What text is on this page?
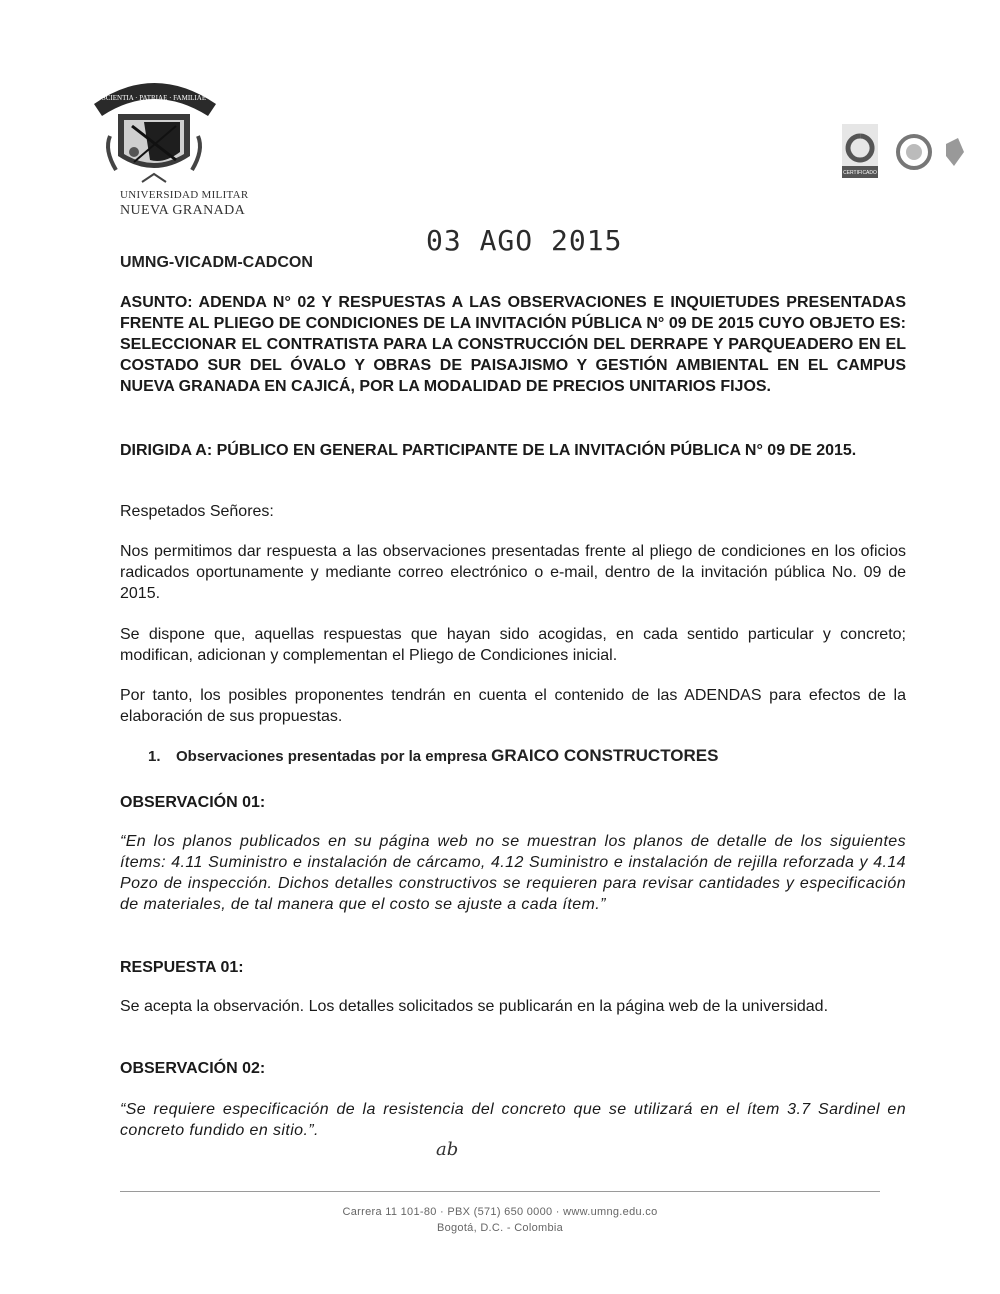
SCIENTIA · PATRIAE · FAMILIAE
UNIVERSIDAD MILITAR
NUEVA GRANADA
CERTIFICADO
03 AGO 2015
UMNG-VICADM-CADCON
ASUNTO: ADENDA N° 02 Y RESPUESTAS A LAS OBSERVACIONES E INQUIETUDES PRESENTADAS FRENTE AL PLIEGO DE CONDICIONES DE LA INVITACIÓN PÚBLICA N° 09 DE 2015 CUYO OBJETO ES: SELECCIONAR EL CONTRATISTA PARA LA CONSTRUCCIÓN DEL DERRAPE Y PARQUEADERO EN EL COSTADO SUR DEL ÓVALO Y OBRAS DE PAISAJISMO Y GESTIÓN AMBIENTAL EN EL CAMPUS NUEVA GRANADA EN CAJICÁ, POR LA MODALIDAD DE PRECIOS UNITARIOS FIJOS.
DIRIGIDA A: PÚBLICO EN GENERAL PARTICIPANTE DE LA INVITACIÓN PÚBLICA N° 09 DE 2015.
Respetados Señores:
Nos permitimos dar respuesta a las observaciones presentadas frente al pliego de condiciones en los oficios radicados oportunamente y mediante correo electrónico o e-mail, dentro de la invitación pública No. 09 de 2015.
Se dispone que, aquellas respuestas que hayan sido acogidas, en cada sentido particular y concreto; modifican, adicionan y complementan el Pliego de Condiciones inicial.
Por tanto, los posibles proponentes tendrán en cuenta el contenido de las ADENDAS para efectos de la elaboración de sus propuestas.
1. Observaciones presentadas por la empresa GRAICO CONSTRUCTORES
OBSERVACIÓN 01:
“En los planos publicados en su página web no se muestran los planos de detalle de los siguientes ítems: 4.11 Suministro e instalación de cárcamo, 4.12 Suministro e instalación de rejilla reforzada y 4.14 Pozo de inspección. Dichos detalles constructivos se requieren para revisar cantidades y especificación de materiales, de tal manera que el costo se ajuste a cada ítem.”
RESPUESTA 01:
Se acepta la observación. Los detalles solicitados se publicarán en la página web de la universidad.
OBSERVACIÓN 02:
“Se requiere especificación de la resistencia del concreto que se utilizará en el ítem 3.7 Sardinel en concreto fundido en sitio.”.
ab
Carrera 11 101-80 · PBX (571) 650 0000 · www.umng.edu.co
Bogotá, D.C. - Colombia
